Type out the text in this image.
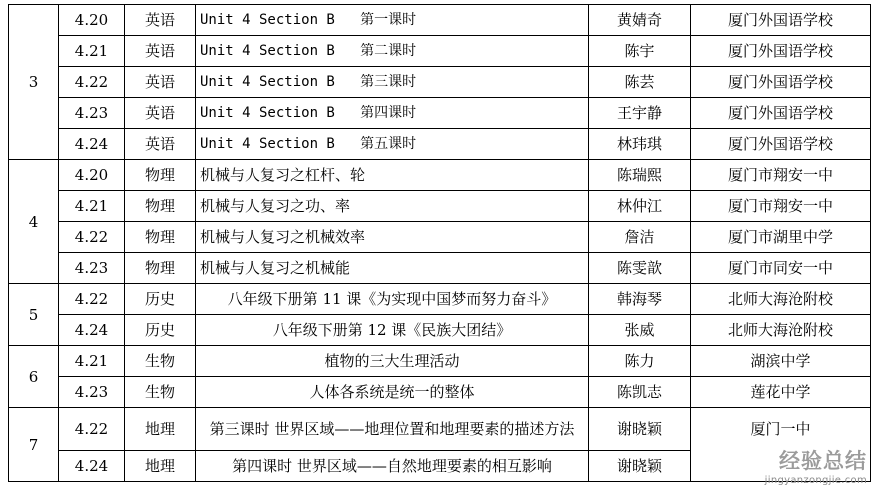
3	4.20	英语	Unit 4 Section B   第一课时	黄婧奇	厦门外国语学校
	4.21	英语	Unit 4 Section B   第二课时	陈宇	厦门外国语学校
	4.22	英语	Unit 4 Section B   第三课时	陈芸	厦门外国语学校
	4.23	英语	Unit 4 Section B   第四课时	王宇静	厦门外国语学校
	4.24	英语	Unit 4 Section B   第五课时	林玮琪	厦门外国语学校
4	4.20	物理	机械与人复习之杠杆、轮	陈瑞熙	厦门市翔安一中
	4.21	物理	机械与人复习之功、率	林仲江	厦门市翔安一中
	4.22	物理	机械与人复习之机械效率	詹洁	厦门市湖里中学
	4.23	物理	机械与人复习之机械能	陈雯歆	厦门市同安一中
5	4.22	历史	八年级下册第 11 课《为实现中国梦而努力奋斗》	韩海琴	北师大海沧附校
	4.24	历史	八年级下册第 12 课《民族大团结》	张威	北师大海沧附校
6	4.21	生物	植物的三大生理活动	陈力	湖滨中学
	4.23	生物	人体各系统是统一的整体	陈凯志	莲花中学
7	4.22	地理	第三课时 世界区域——地理位置和地理要素的描述方法	谢晓颖	厦门一中
	4.24	地理	第四课时 世界区域——自然地理要素的相互影响	谢晓颖		经验总结
jingyanzongjie.com
